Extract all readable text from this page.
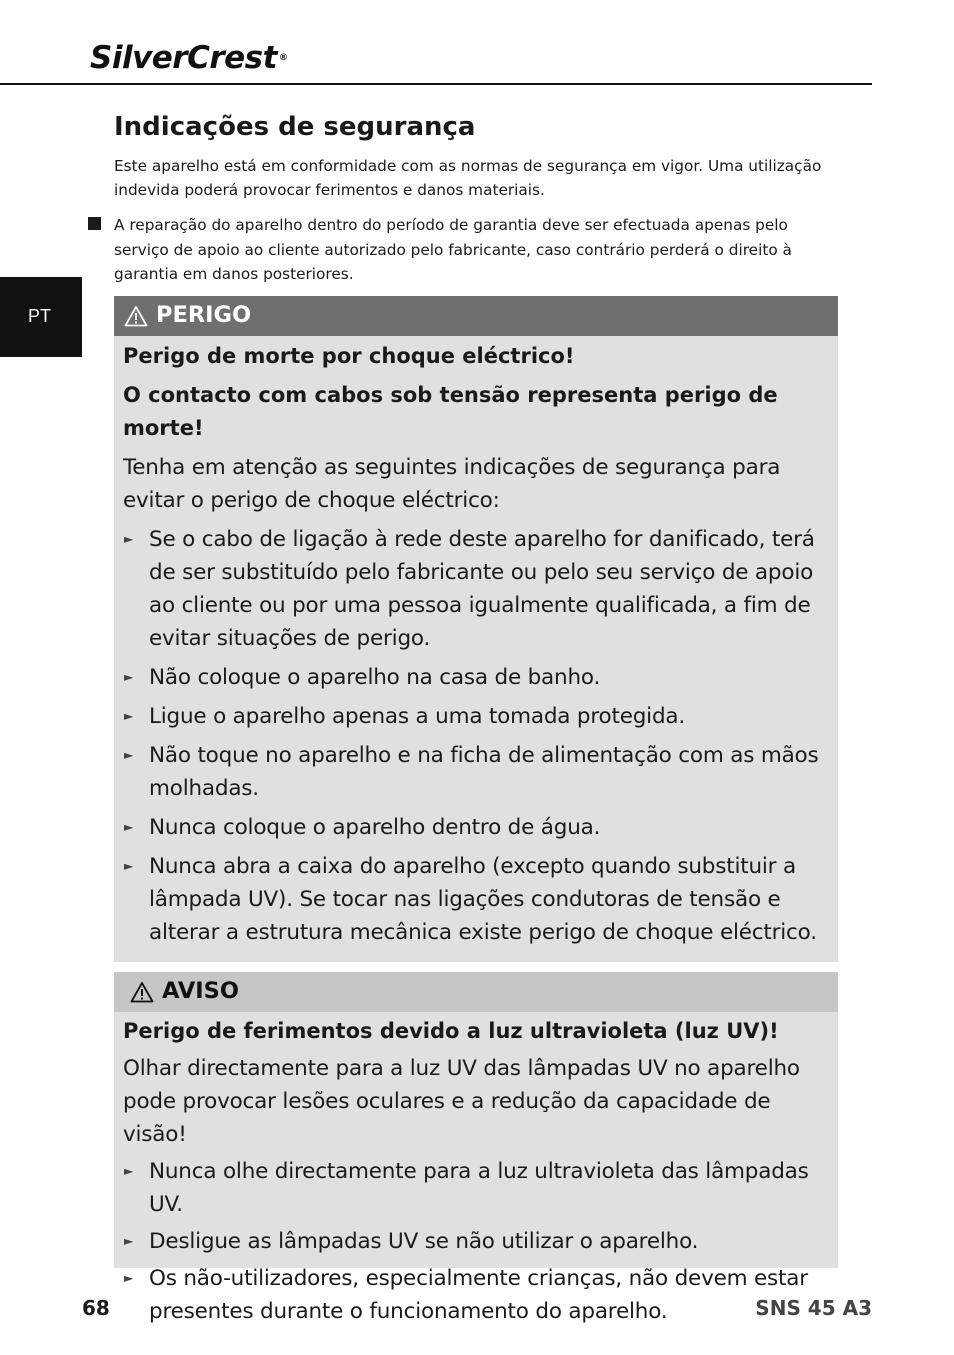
SilverCrest ®
PT
Indicações de segurança
Este aparelho está em conformidade com as normas de segurança em vigor. Uma utilização indevida poderá provocar ferimentos e danos materiais.
A reparação do aparelho dentro do período de garantia deve ser efectuada apenas pelo serviço de apoio ao cliente autorizado pelo fabricante, caso contrário perderá o direito à garantia em danos posteriores.
PERIGO

Perigo de morte por choque eléctrico!

O contacto com cabos sob tensão representa perigo de morte!

Tenha em atenção as seguintes indicações de segurança para evitar o perigo de choque eléctrico:

► Se o cabo de ligação à rede deste aparelho for danificado, terá de ser substituído pelo fabricante ou pelo seu serviço de apoio ao cliente ou por uma pessoa igualmente qualificada, a fim de evitar situações de perigo.
► Não coloque o aparelho na casa de banho.
► Ligue o aparelho apenas a uma tomada protegida.
► Não toque no aparelho e na ficha de alimentação com as mãos molhadas.
► Nunca coloque o aparelho dentro de água.
► Nunca abra a caixa do aparelho (excepto quando substituir a lâmpada UV). Se tocar nas ligações condutoras de tensão e alterar a estrutura mecânica existe perigo de choque eléctrico.
AVISO

Perigo de ferimentos devido a luz ultravioleta (luz UV)!

Olhar directamente para a luz UV das lâmpadas UV no aparelho pode provocar lesões oculares e a redução da capacidade de visão!

► Nunca olhe directamente para a luz ultravioleta das lâmpadas UV.
► Desligue as lâmpadas UV se não utilizar o aparelho.
► Os não-utilizadores, especialmente crianças, não devem estar presentes durante o funcionamento do aparelho.
68	SNS 45 A3
